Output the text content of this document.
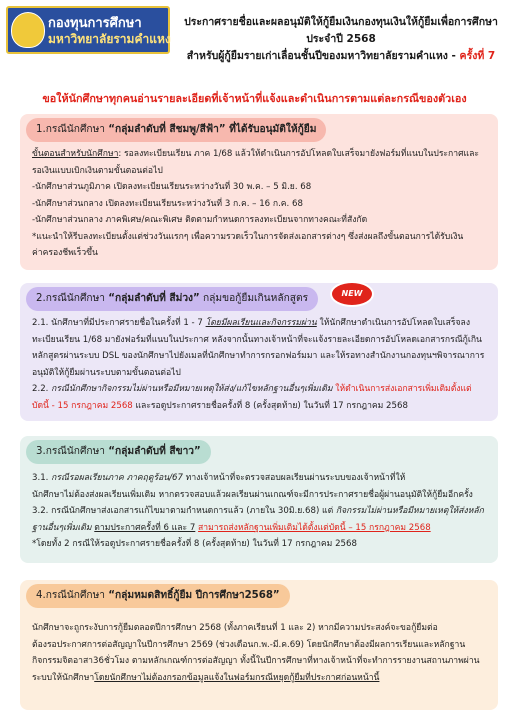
กองทุนการศึกษา
มหาวิทยาลัยรามคำแหง
ประกาศรายชื่อและผลอนุมัติให้กู้ยืมเงินกองทุนเงินให้กู้ยืมเพื่อการศึกษา
ประจำปี 2568
สำหรับผู้กู้ยืมรายเก่าเลื่อนชั้นปีของมหาวิทยาลัยรามคำแหง - ครั้งที่ 7
ขอให้นักศึกษาทุกคนอ่านรายละเอียดที่เจ้าหน้าที่แจ้งและดำเนินการตามแต่ละกรณีของตัวเอง
1.กรณีนักศึกษา “กลุ่มลำดับที่ สีชมพู/สีฟ้า” ที่ได้รับอนุมัติให้กู้ยืม

ขั้นตอนสำหรับนักศึกษา: รอลงทะเบียนเรียน ภาค 1/68 แล้วให้ดำเนินการอัปโหลดใบเสร็จมายังฟอร์มที่แนบในประกาศและ

รอเงินแบบเบิกเงินตามขั้นตอนต่อไป

-นักศึกษาส่วนภูมิภาค เปิดลงทะเบียนเรียนระหว่างวันที่ 30 พ.ค. – 5 มิ.ย. 68

-นักศึกษาส่วนกลาง เปิดลงทะเบียนเรียนระหว่างวันที่ 3 ก.ค. – 16 ก.ค. 68

-นักศึกษาส่วนกลาง ภาคพิเศษ/คณะพิเศษ ติดตามกำหนดการลงทะเบียนจากทางคณะที่สังกัด

*แนะนำให้รีบลงทะเบียนตั้งแต่ช่วงวันแรกๆ เพื่อความรวดเร็วในการจัดส่งเอกสารต่างๆ ซึ่งส่งผลถึงขั้นตอนการได้รับเงิน

ค่าครองชีพเร็วขึ้น

2.กรณีนักศึกษา “กลุ่มลำดับที่ สีม่วง” กลุ่มขอกู้ยืมเกินหลักสูตร	NEW

2.1. นักศึกษาที่มีประกาศรายชื่อในครั้งที่ 1 - 7 โดยมีผลเรียนและกิจกรรมผ่าน ให้นักศึกษาดำเนินการอัปโหลดใบเสร็จลง

ทะเบียนเรียน 1/68 มายังฟอร์มที่แนบในประกาศ หลังจากนั้นทางเจ้าหน้าที่จะแจ้งรายละเอียดการอัปโหลดเอกสารกรณีกู้เกิน

หลักสูตรผ่านระบบ DSL ของนักศึกษาไปยังเมลที่นักศึกษาทำการกรอกฟอร์มมา และให้รอทางสำนักงานกองทุนฯพิจารณาการ

อนุมัติให้กู้ยืมผ่านระบบตามขั้นตอนต่อไป

2.2. กรณีนักศึกษากิจกรรมไม่ผ่านหรือมีหมายเหตุให้ส่ง/แก้ไขหลักฐานอื่นๆเพิ่มเติม ให้ดำเนินการส่งเอกสารเพิ่มเติมตั้งแต่

บัดนี้ - 15 กรกฎาคม 2568 และรอดูประกาศรายชื่อครั้งที่ 8 (ครั้งสุดท้าย) ในวันที่ 17 กรกฎาคม 2568

3.กรณีนักศึกษา “กลุ่มลำดับที่ สีขาว”

3.1. กรณีรอผลเรียนภาค ภาคฤดูร้อน/67 ทางเจ้าหน้าที่จะตรวจสอบผลเรียนผ่านระบบของเจ้าหน้าที่ให้

นักศึกษาไม่ต้องส่งผลเรียนเพิ่มเติม หากตรวจสอบแล้วผลเรียนผ่านเกณฑ์จะมีการประกาศรายชื่อผู้ผ่านอนุมัติให้กู้ยืมอีกครั้ง

3.2. กรณีนักศึกษาส่งเอกสารแก้ไขมาตามกำหนดการแล้ว (ภายใน 30มิ.ย.68) แต่ กิจกรรมไม่ผ่านหรือมีหมายเหตุให้ส่งหลัก

ฐานอื่นๆเพิ่มเติม ตามประกาศครั้งที่ 6 และ 7 สามารถส่งหลักฐานเพิ่มเติมได้ตั้งแต่บัดนี้ – 15 กรกฎาคม 2568

*โดยทั้ง 2 กรณีให้รอดูประกาศรายชื่อครั้งที่ 8 (ครั้งสุดท้าย) ในวันที่ 17 กรกฎาคม 2568

4.กรณีนักศึกษา “กลุ่มหมดสิทธิ์กู้ยืม ปีการศึกษา2568”

นักศึกษาจะถูกระงับการกู้ยืมตลอดปีการศึกษา 2568 (ทั้งภาคเรียนที่ 1 และ 2) หากมีความประสงค์จะขอกู้ยืมต่อ

ต้องรอประกาศการต่อสัญญาในปีการศึกษา 2569 (ช่วงเดือนก.พ.-มี.ค.69) โดยนักศึกษาต้องมีผลการเรียนและหลักฐาน

กิจกรรมจิตอาสา36ชั่วโมง ตามหลักเกณฑ์การต่อสัญญา ทั้งนี้ในปีการศึกษาที่ทางเจ้าหน้าที่จะทำการรายงานสถานภาพผ่าน

ระบบให้นักศึกษาโดยนักศึกษาไม่ต้องกรอกข้อมูลแจ้งในฟอร์มกรณีหยุดกู้ยืมที่ประกาศก่อนหน้านี้
